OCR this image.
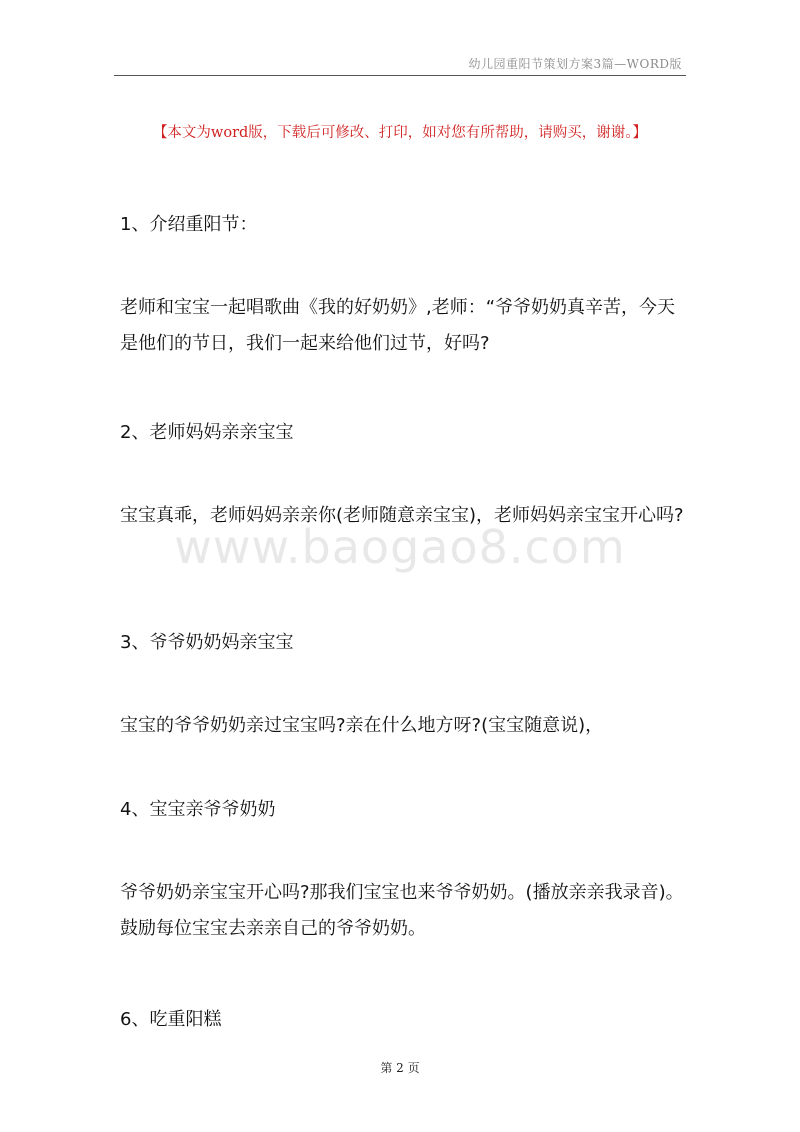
幼儿园重阳节策划方案3篇—WORD版
【本文为word版，下载后可修改、打印，如对您有所帮助，请购买，谢谢。】
www.baogao8.com

1、介绍重阳节：

老师和宝宝一起唱歌曲《我的好奶奶》,老师：“爷爷奶奶真辛苦，今天是他们的节日，我们一起来给他们过节，好吗?

2、老师妈妈亲亲宝宝

宝宝真乖，老师妈妈亲亲你(老师随意亲宝宝)，老师妈妈亲宝宝开心吗?

3、爷爷奶奶妈亲宝宝

宝宝的爷爷奶奶亲过宝宝吗?亲在什么地方呀?(宝宝随意说)，

4、宝宝亲爷爷奶奶

爷爷奶奶亲宝宝开心吗?那我们宝宝也来爷爷奶奶。(播放亲亲我录音)。鼓励每位宝宝去亲亲自己的爷爷奶奶。

6、吃重阳糕

第 2 页
